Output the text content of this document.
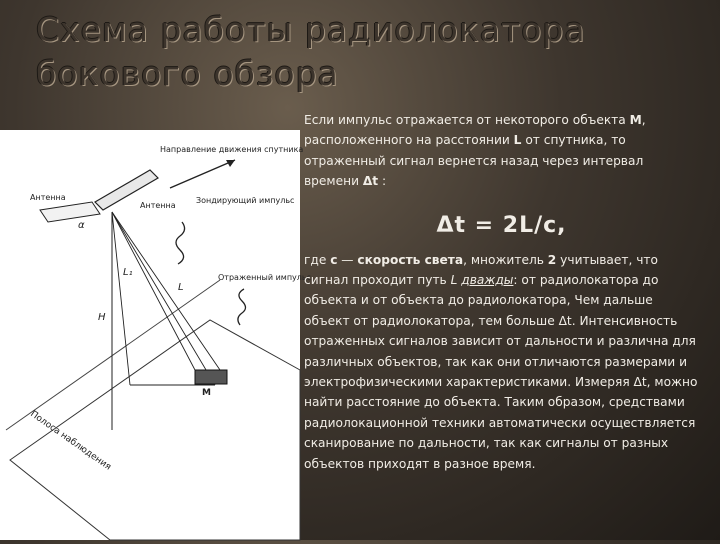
Схема работы радиолокатора бокового обзора
Направление движения спутника
Антенна
Антенна
Зондирующий импульс
Отраженный импульс
H
L₁
L
α
M
Полоса наблюдения

Если импульс отражается от некоторого объекта М, расположенного на расстоянии L от спутника, то отраженный сигнал вернется назад через интервал времени Δt :

Δt = 2L/c,

где с — скорость света, множитель 2 учитывает, что сигнал проходит путь L дважды: от радиолокатора до объекта и от объекта до радиолокатора, Чем дальше объект от радиолокатора, тем больше Δt. Интенсивность отраженных сигналов зависит от дальности и различна для различных объектов, так как они отличаются размерами и электрофизическими характеристиками. Измеряя Δt, можно найти расстояние до объекта. Таким образом, средствами радиолокационной техники автоматически осуществляется сканирование по дальности, так как сигналы от разных объектов приходят в разное время.
